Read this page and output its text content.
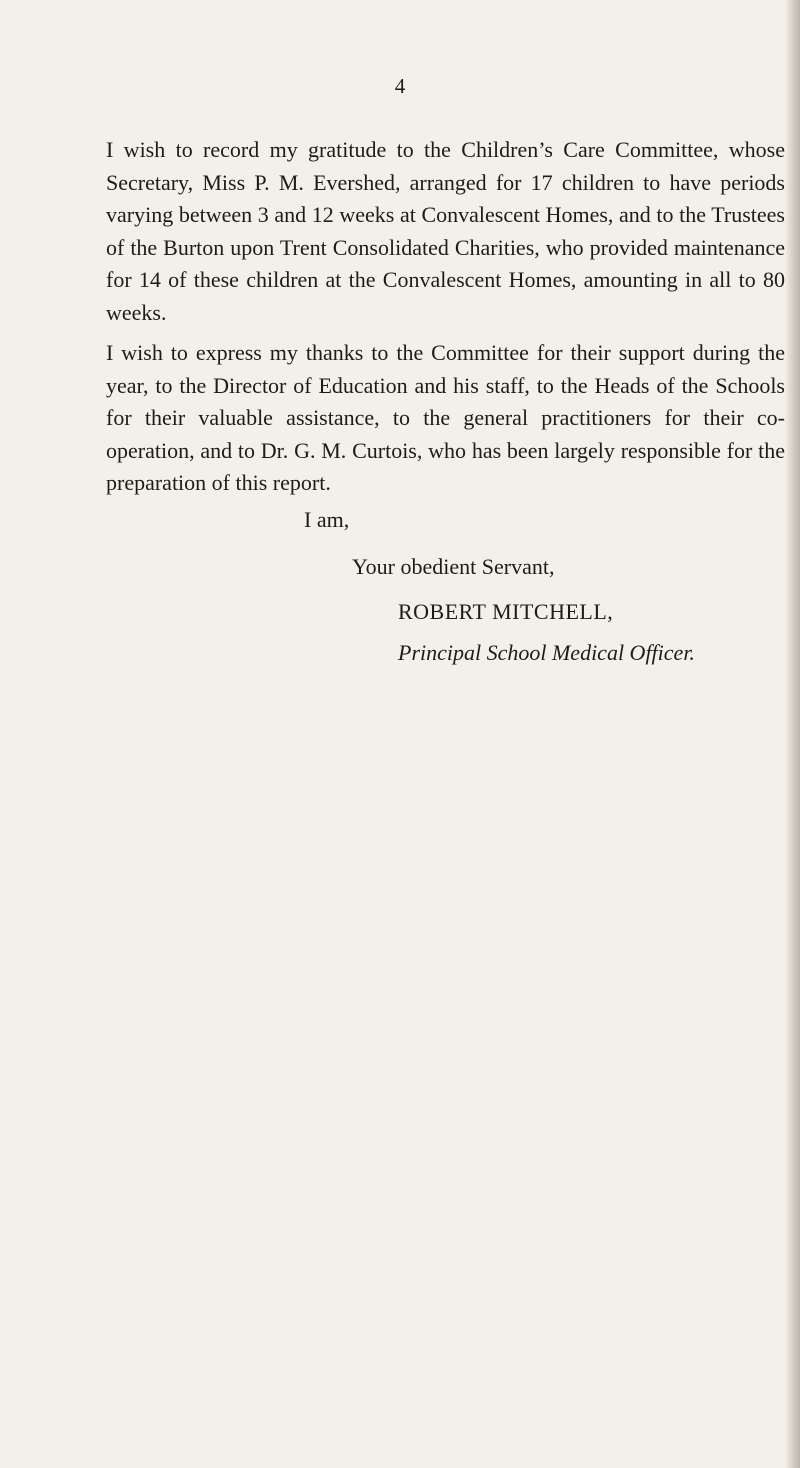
4

I wish to record my gratitude to the Children’s Care Committee, whose Secretary, Miss P. M. Evershed, arranged for 17 children to have periods varying between 3 and 12 weeks at Convalescent Homes, and to the Trustees of the Burton upon Trent Consolidated Charities, who provided maintenance for 14 of these children at the Convalescent Homes, amounting in all to 80 weeks.

I wish to express my thanks to the Committee for their support during the year, to the Director of Education and his staff, to the Heads of the Schools for their valuable assistance, to the general practitioners for their co-operation, and to Dr. G. M. Curtois, who has been largely responsible for the preparation of this report.

I am,
Your obedient Servant,
ROBERT MITCHELL,
Principal School Medical Officer.
